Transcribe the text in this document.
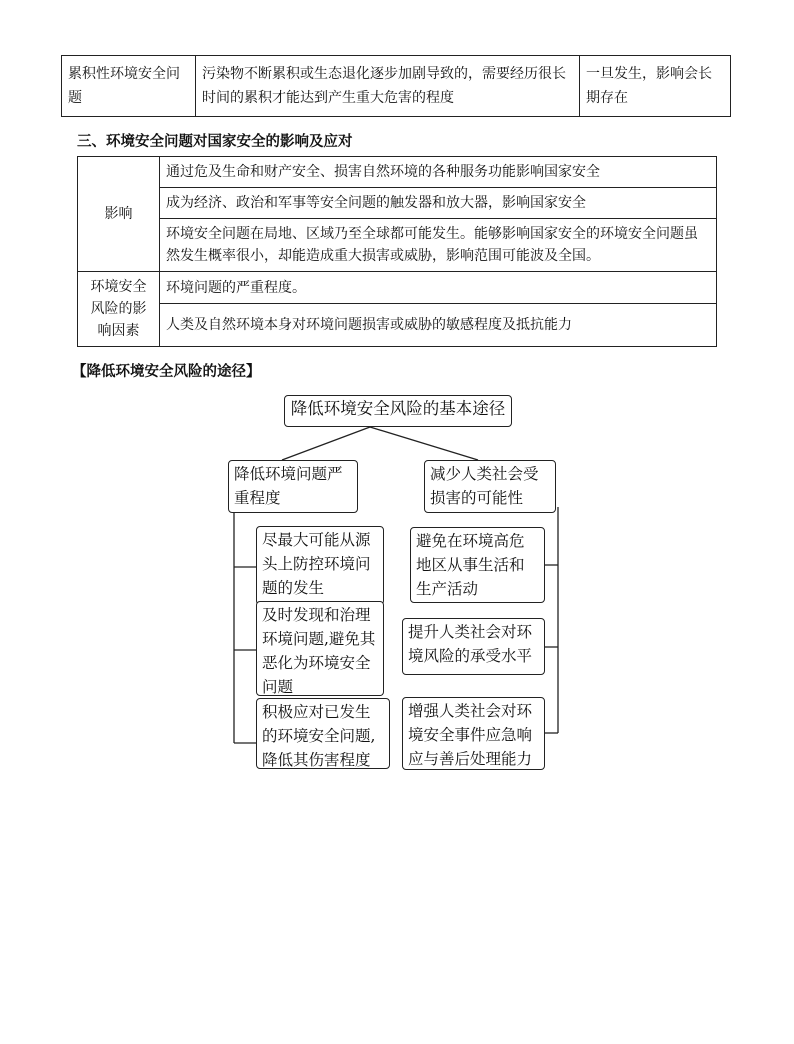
累积性环境安全问题	污染物不断累积或生态退化逐步加剧导致的，需要经历很长时间的累积才能达到产生重大危害的程度	一旦发生，影响会长期存在
三、环境安全问题对国家安全的影响及应对
影响	通过危及生命和财产安全、损害自然环境的各种服务功能影响国家安全
	成为经济、政治和军事等安全问题的触发器和放大器，影响国家安全
	环境安全问题在局地、区域乃至全球都可能发生。能够影响国家安全的环境安全问题虽然发生概率很小，却能造成重大损害或威胁，影响范围可能波及全国。
环境安全风险的影响因素	环境问题的严重程度。
	人类及自然环境本身对环境问题损害或威胁的敏感程度及抵抗能力
【降低环境安全风险的途径】
降低环境安全风险的基本途径
降低环境问题严重程度
减少人类社会受损害的可能性
尽最大可能从源头上防控环境问题的发生
及时发现和治理环境问题,避免其恶化为环境安全问题
积极应对已发生的环境安全问题,降低其伤害程度
避免在环境高危地区从事生活和生产活动
提升人类社会对环境风险的承受水平
增强人类社会对环境安全事件应急响应与善后处理能力
